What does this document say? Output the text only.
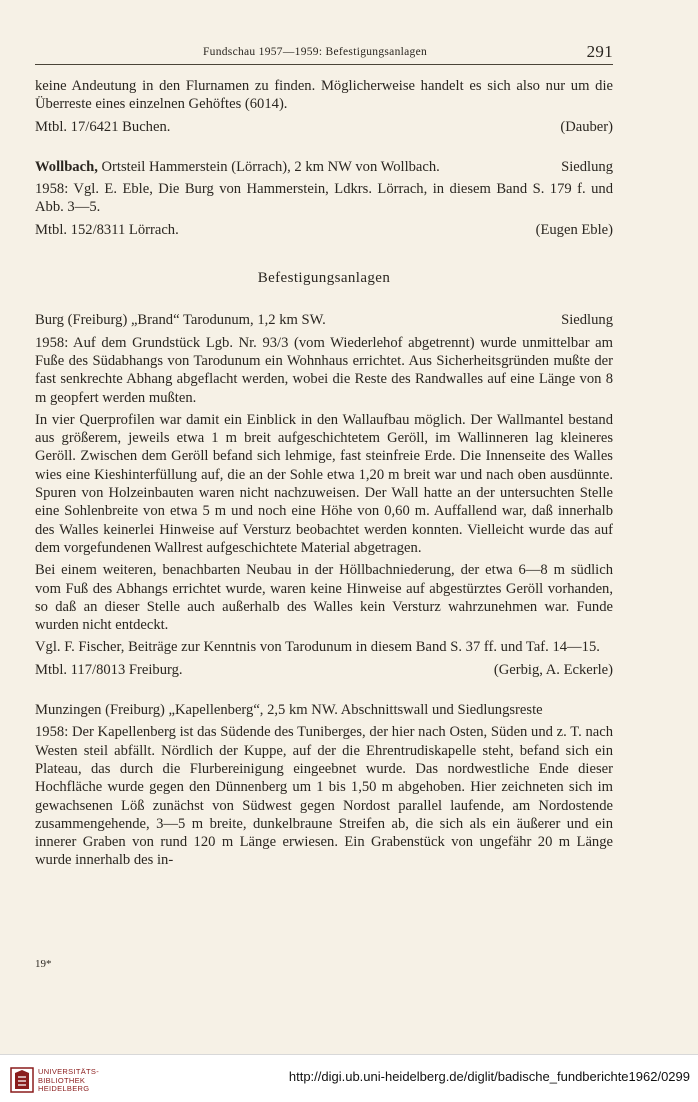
Fundschau 1957—1959: Befestigungsanlagen	291

keine Andeutung in den Flurnamen zu finden. Möglicherweise handelt es sich also nur um die Überreste eines einzelnen Gehöftes (6014).

Mtbl. 17/6421 Buchen.	(Dauber)
Wollbach, Ortsteil Hammerstein (Lörrach), 2 km NW von Wollbach.	Siedlung

1958: Vgl. E. Eble, Die Burg von Hammerstein, Ldkrs. Lörrach, in diesem Band S. 179 f. und Abb. 3—5.

Mtbl. 152/8311 Lörrach.	(Eugen Eble)

Befestigungsanlagen

Burg (Freiburg) „Brand“ Tarodunum, 1,2 km SW.	Siedlung

1958: Auf dem Grundstück Lgb. Nr. 93/3 (vom Wiederlehof abgetrennt) wurde unmittelbar am Fuße des Südabhangs von Tarodunum ein Wohnhaus errichtet. Aus Sicherheitsgründen mußte der fast senkrechte Abhang abgeflacht werden, wobei die Reste des Randwalles auf eine Länge von 8 m geopfert werden mußten.

In vier Querprofilen war damit ein Einblick in den Wallaufbau möglich. Der Wallmantel bestand aus größerem, jeweils etwa 1 m breit aufgeschichtetem Geröll, im Wallinneren lag kleineres Geröll. Zwischen dem Geröll befand sich lehmige, fast steinfreie Erde. Die Innenseite des Walles wies eine Kieshinterfüllung auf, die an der Sohle etwa 1,20 m breit war und nach oben ausdünnte. Spuren von Holzeinbauten waren nicht nachzuweisen. Der Wall hatte an der untersuchten Stelle eine Sohlenbreite von etwa 5 m und noch eine Höhe von 0,60 m. Auffallend war, daß innerhalb des Walles keinerlei Hinweise auf Versturz beobachtet werden konnten. Vielleicht wurde das auf dem vorgefundenen Wallrest aufgeschichtete Material abgetragen.

Bei einem weiteren, benachbarten Neubau in der Höllbachniederung, der etwa 6—8 m südlich vom Fuß des Abhangs errichtet wurde, waren keine Hinweise auf abgestürztes Geröll vorhanden, so daß an dieser Stelle auch außerhalb des Walles kein Versturz wahrzunehmen war. Funde wurden nicht entdeckt.

Vgl. F. Fischer, Beiträge zur Kenntnis von Tarodunum in diesem Band S. 37 ff. und Taf. 14—15.

Mtbl. 117/8013 Freiburg.	(Gerbig, A. Eckerle)
Munzingen (Freiburg) „Kapellenberg“, 2,5 km NW. Abschnittswall und Siedlungsreste

1958: Der Kapellenberg ist das Südende des Tuniberges, der hier nach Osten, Süden und z. T. nach Westen steil abfällt. Nördlich der Kuppe, auf der die Ehrentrudiskapelle steht, befand sich ein Plateau, das durch die Flurbereinigung eingeebnet wurde. Das nordwestliche Ende dieser Hochfläche wurde gegen den Dünnenberg um 1 bis 1,50 m abgehoben. Hier zeichneten sich im gewachsenen Löß zunächst von Südwest gegen Nordost parallel laufende, am Nordostende zusammengehende, 3—5 m breite, dunkelbraune Streifen ab, die sich als ein äußerer und ein innerer Graben von rund 120 m Länge erwiesen. Ein Grabenstück von ungefähr 20 m Länge wurde innerhalb des in-

19*
UNIVERSITÄTS-
BIBLIOTHEK
HEIDELBERG
http://digi.ub.uni-heidelberg.de/diglit/badische_fundberichte1962/0299
